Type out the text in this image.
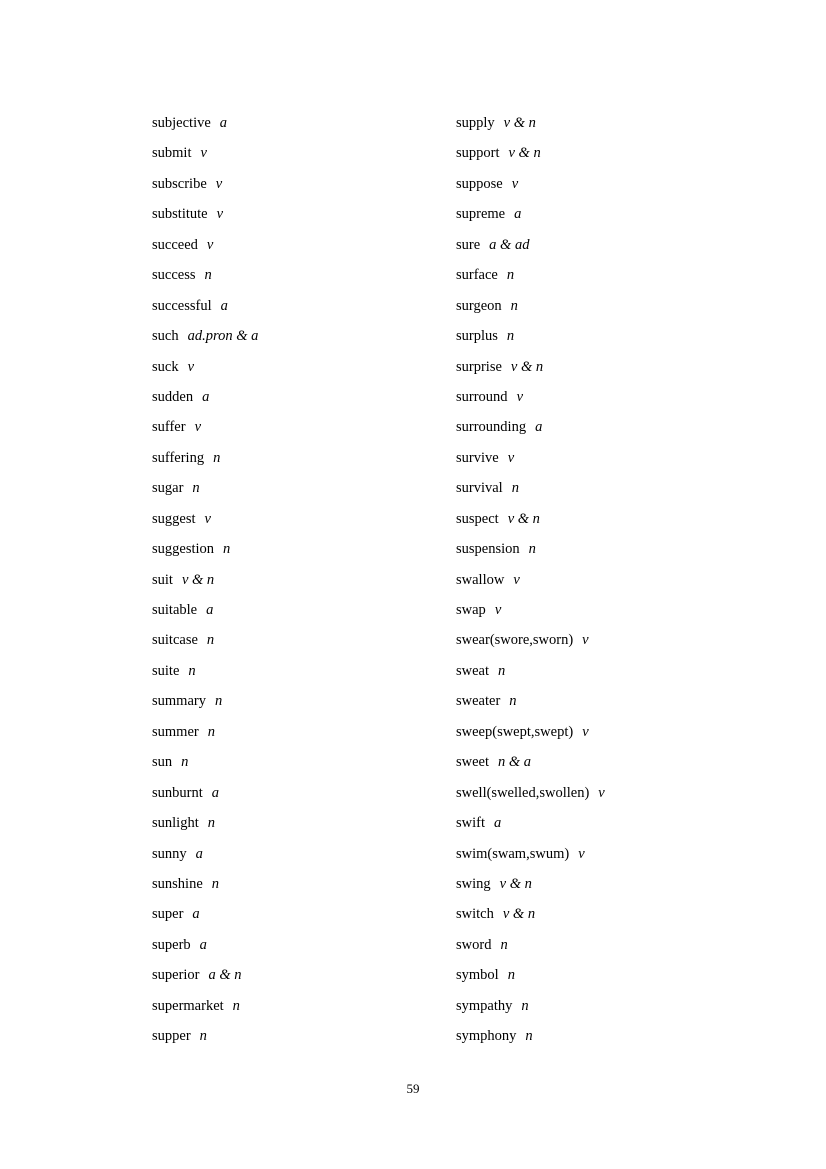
subjective a
submit v
subscribe v
substitute v
succeed v
success n
successful a
such ad.pron & a
suck v
sudden a
suffer v
suffering n
sugar n
suggest v
suggestion n
suit v & n
suitable a
suitcase n
suite n
summary n
summer n
sun n
sunburnt a
sunlight n
sunny a
sunshine n
super a
superb a
superior a & n
supermarket n
supper n
supply v & n
support v & n
suppose v
supreme a
sure a & ad
surface n
surgeon n
surplus n
surprise v & n
surround v
surrounding a
survive v
survival n
suspect v & n
suspension n
swallow v
swap v
swear(swore,sworn) v
sweat n
sweater n
sweep(swept,swept) v
sweet n & a
swell(swelled,swollen) v
swift a
swim(swam,swum) v
swing v & n
switch v & n
sword n
symbol n
sympathy n
symphony n
59
